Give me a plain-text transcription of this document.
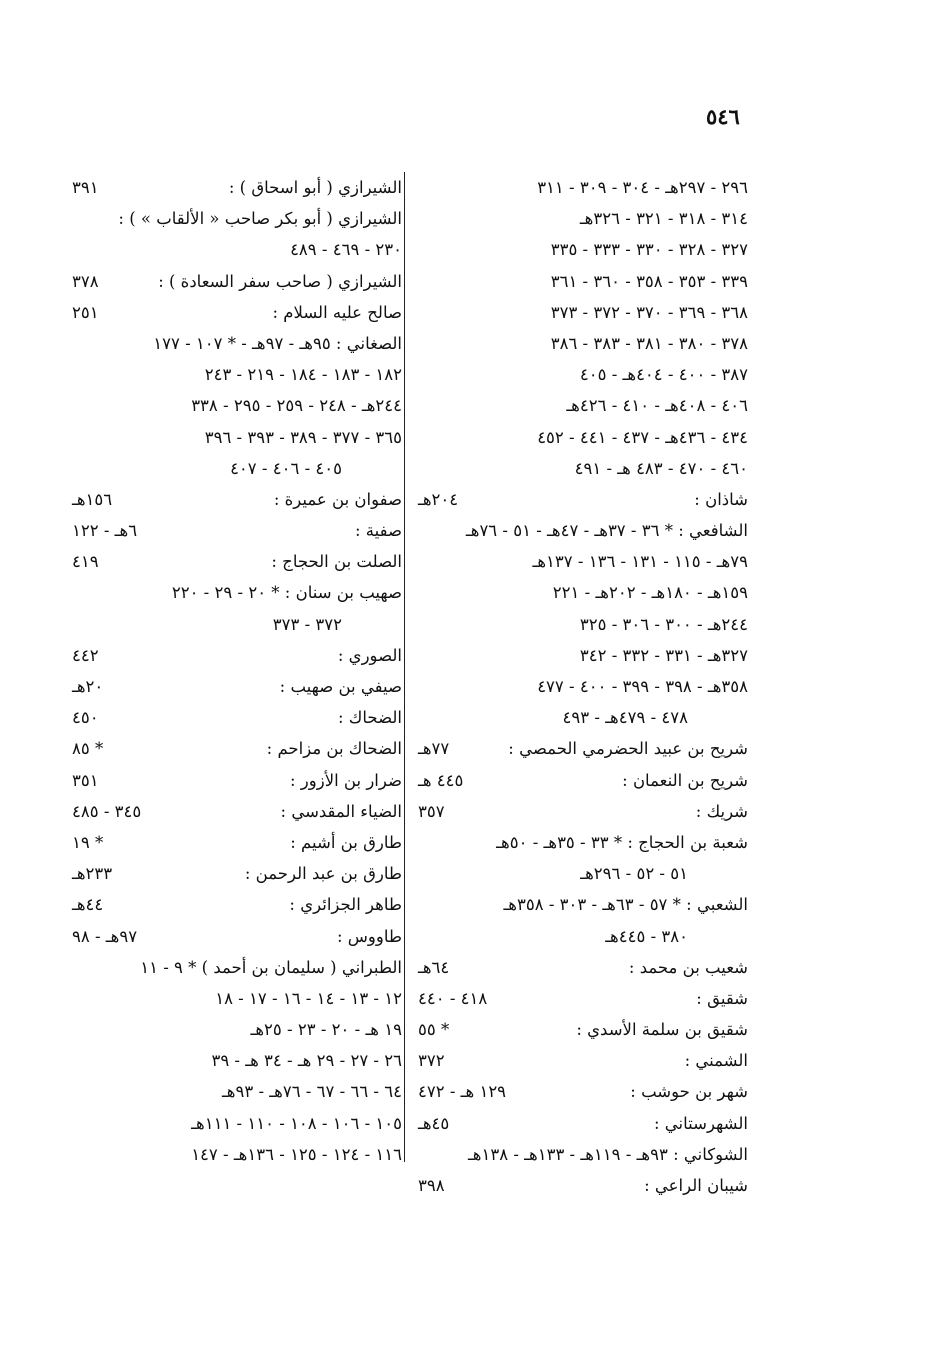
٥٤٦
٢٩٦ - ٢٩٧هـ - ٣٠٤ - ٣٠٩ - ٣١١
٣١٤ - ٣١٨ - ٣٢١ - ٣٢٦هـ
٣٢٧ - ٣٢٨ - ٣٣٠ - ٣٣٣ - ٣٣٥
٣٣٩ - ٣٥٣ - ٣٥٨ - ٣٦٠ - ٣٦١
٣٦٨ - ٣٦٩ - ٣٧٠ - ٣٧٢ - ٣٧٣
٣٧٨ - ٣٨٠ - ٣٨١ - ٣٨٣ - ٣٨٦
٣٨٧ - ٤٠٠ - ٤٠٤هـ - ٤٠٥
٤٠٦ - ٤٠٨هـ - ٤١٠ - ٤٢٦هـ
٤٣٤ - ٤٣٦هـ - ٤٣٧ - ٤٤١ - ٤٥٢
٤٦٠ - ٤٧٠ - ٤٨٣ هـ - ٤٩١
شاذان :
٢٠٤هـ
الشافعي : * ٣٦ - ٣٧هـ - ٤٧هـ - ٥١ - ٧٦هـ
٧٩هـ - ١١٥ - ١٣١ - ١٣٦ - ١٣٧هـ
١٥٩هـ - ١٨٠هـ - ٢٠٢هـ - ٢٢١
٢٤٤هـ - ٣٠٠ - ٣٠٦ - ٣٢٥
٣٢٧هـ - ٣٣١ - ٣٣٢ - ٣٤٢
٣٥٨هـ - ٣٩٨ - ٣٩٩ - ٤٠٠ - ٤٧٧
٤٧٨ - ٤٧٩هـ - ٤٩٣
شريح بن عبيد الحضرمي الحمصي :
٧٧هـ
شريح بن النعمان :
٤٤٥ هـ
شريك :
٣٥٧
شعبة بن الحجاج : * ٣٣ - ٣٥هـ - ٥٠هـ
٥١ - ٥٢ - ٢٩٦هـ
الشعبي : * ٥٧ - ٦٣هـ - ٣٠٣ - ٣٥٨هـ
٣٨٠ - ٤٤٥هـ
شعيب بن محمد :
٦٤هـ
شقيق :
٤١٨ - ٤٤٠
شقيق بن سلمة الأسدي :
* ٥٥
الشمني :
٣٧٢
شهر بن حوشب :
١٢٩ هـ - ٤٧٢
الشهرستاني :
٤٥هـ
الشوكاني : ٩٣هـ - ١١٩هـ - ١٣٣هـ - ١٣٨هـ
شيبان الراعي :
٣٩٨
الشيرازي ( أبو اسحاق ) :
٣٩١
الشيرازي ( أبو بكر صاحب « الألقاب » ) :
٢٣٠ - ٤٦٩ - ٤٨٩
الشيرازي ( صاحب سفر السعادة ) :
٣٧٨
صالح عليه السلام :
٢٥١
الصغاني : ٩٥هـ - ٩٧هـ - * ١٠٧ - ١٧٧
١٨٢ - ١٨٣ - ١٨٤ - ٢١٩ - ٢٤٣
٢٤٤هـ - ٢٤٨ - ٢٥٩ - ٢٩٥ - ٣٣٨
٣٦٥ - ٣٧٧ - ٣٨٩ - ٣٩٣ - ٣٩٦
٤٠٥ - ٤٠٦ - ٤٠٧
صفوان بن عميرة :
١٥٦هـ
صفية :
٦هـ - ١٢٢
الصلت بن الحجاج :
٤١٩
صهيب بن سنان : * ٢٠ - ٢٩ - ٢٢٠
٣٧٢ - ٣٧٣
الصوري :
٤٤٢
صيفي بن صهيب :
٢٠هـ
الضحاك :
٤٥٠
الضحاك بن مزاحم :
* ٨٥
ضرار بن الأزور :
٣٥١
الضياء المقدسي :
٣٤٥ - ٤٨٥
طارق بن أشيم :
* ١٩
طارق بن عبد الرحمن :
٢٣٣هـ
طاهر الجزائري :
٤٤هـ
طاووس :
٩٧هـ - ٩٨
الطبراني ( سليمان بن أحمد ) * ٩ - ١١
١٢ - ١٣ - ١٤ - ١٦ - ١٧ - ١٨
١٩ هـ - ٢٠ - ٢٣ - ٢٥هـ
٢٦ - ٢٧ - ٢٩ هـ - ٣٤ هـ - ٣٩
٦٤ - ٦٦ - ٦٧ - ٧٦هـ - ٩٣هـ
١٠٥ - ١٠٦ - ١٠٨ - ١١٠ - ١١١هـ
١١٦ - ١٢٤ - ١٢٥ - ١٣٦هـ - ١٤٧
